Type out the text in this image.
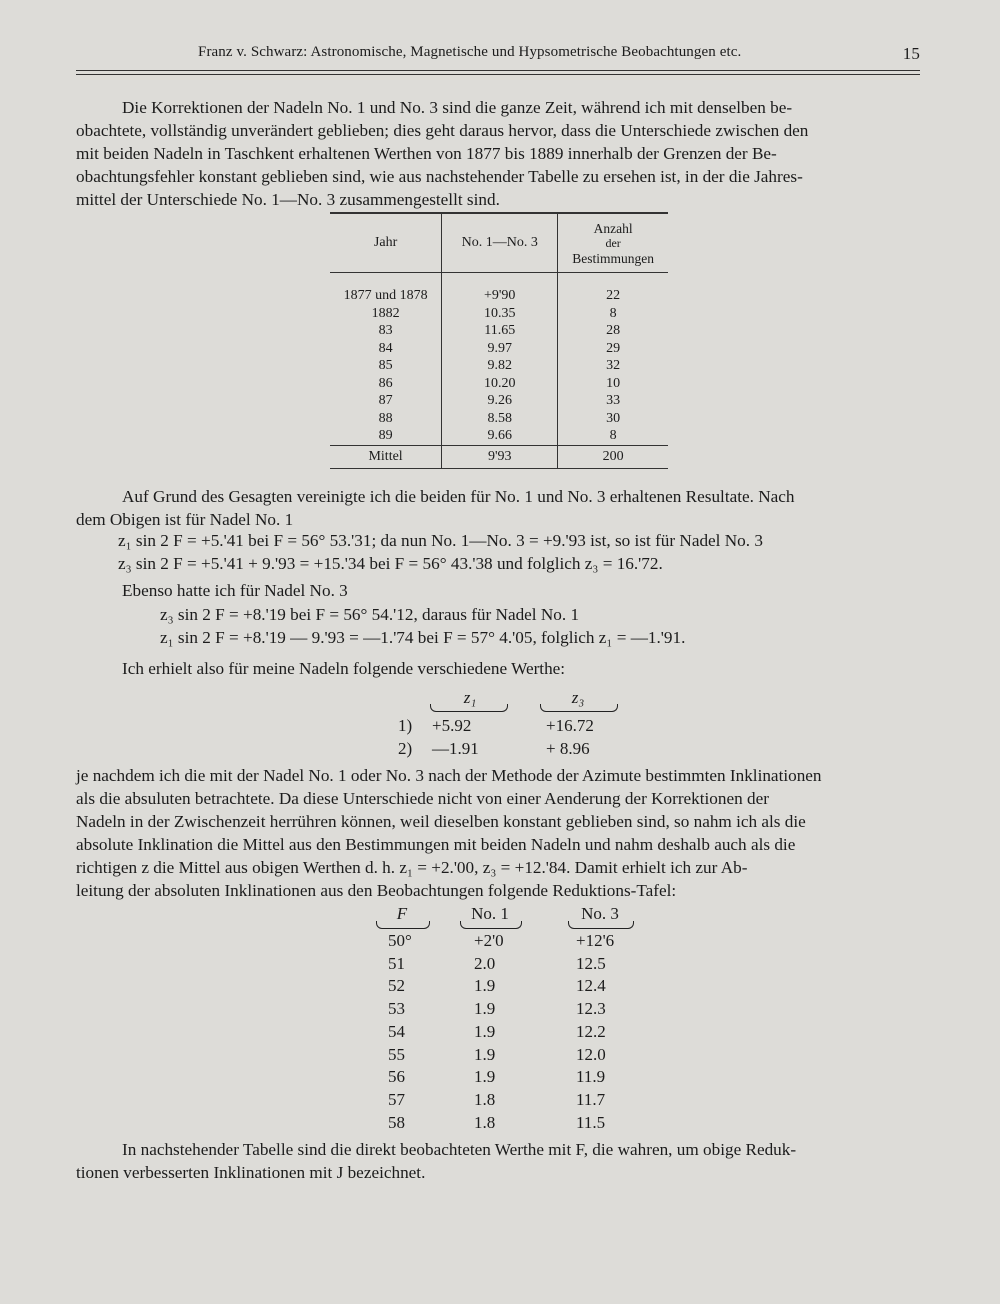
Franz v. Schwarz: Astronomische, Magnetische und Hypsometrische Beobachtungen etc.	15
Die Korrektionen der Nadeln No. 1 und No. 3 sind die ganze Zeit, während ich mit denselben be-
obachtete, vollständig unverändert geblieben; dies geht daraus hervor, dass die Unterschiede zwischen den
mit beiden Nadeln in Taschkent erhaltenen Werthen von 1877 bis 1889 innerhalb der Grenzen der Be-
obachtungsfehler konstant geblieben sind, wie aus nachstehender Tabelle zu ersehen ist, in der die Jahres-
mittel der Unterschiede No. 1—No. 3 zusammengestellt sind.
Jahr	No. 1—No. 3	Anzahl
der
Bestimmungen

1877 und 1878	+9'90	22
1882	10.35	8
83	11.65	28
84	9.97	29
85	9.82	32
86	10.20	10
87	9.26	33
88	8.58	30
89	9.66	8
Mittel	9'93	200
Auf Grund des Gesagten vereinigte ich die beiden für No. 1 und No. 3 erhaltenen Resultate. Nach
dem Obigen ist für Nadel No. 1
z₁ sin 2 F = +5.'41 bei F = 56° 53.'31; da nun No. 1—No. 3 = +9.'93 ist, so ist für Nadel No. 3
z₃ sin 2 F = +5.'41 + 9.'93 = +15.'34 bei F = 56° 43.'38 und folglich z₃ = 16.'72.
Ebenso hatte ich für Nadel No. 3
z₃ sin 2 F = +8.'19 bei F = 56° 54.'12, daraus für Nadel No. 1
z₁ sin 2 F = +8.'19 — 9.'93 = —1.'74 bei F = 57° 4.'05, folglich z₁ = —1.'91.
Ich erhielt also für meine Nadeln folgende verschiedene Werthe:
z₁	z₃
1) +5.92	+16.72
2) —1.91	+ 8.96
je nachdem ich die mit der Nadel No. 1 oder No. 3 nach der Methode der Azimute bestimmten Inklinationen
als die absuluten betrachtete. Da diese Unterschiede nicht von einer Aenderung der Korrektionen der
Nadeln in der Zwischenzeit herrühren können, weil dieselben konstant geblieben sind, so nahm ich als die
absolute Inklination die Mittel aus den Bestimmungen mit beiden Nadeln und nahm deshalb auch als die
richtigen z die Mittel aus obigen Werthen d. h. z₁ = +2.'00, z₃ = +12.'84. Damit erhielt ich zur Ab-
leitung der absoluten Inklinationen aus den Beobachtungen folgende Reduktions-Tafel:
F	No. 1	No. 3
50°	+2'0	+12'6
51	2.0	12.5
52	1.9	12.4
53	1.9	12.3
54	1.9	12.2
55	1.9	12.0
56	1.9	11.9
57	1.8	11.7
58	1.8	11.5
In nachstehender Tabelle sind die direkt beobachteten Werthe mit F, die wahren, um obige Reduk-
tionen verbesserten Inklinationen mit J bezeichnet.
